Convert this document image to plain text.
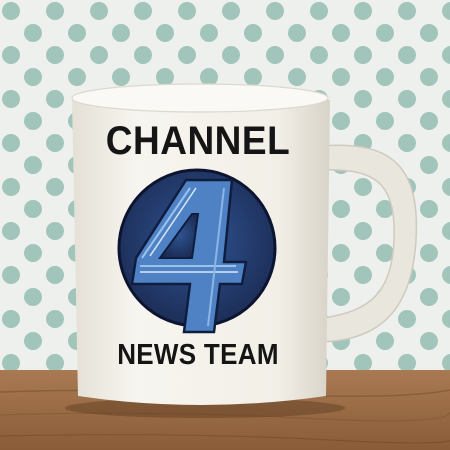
CHANNEL
NEWS TEAM
